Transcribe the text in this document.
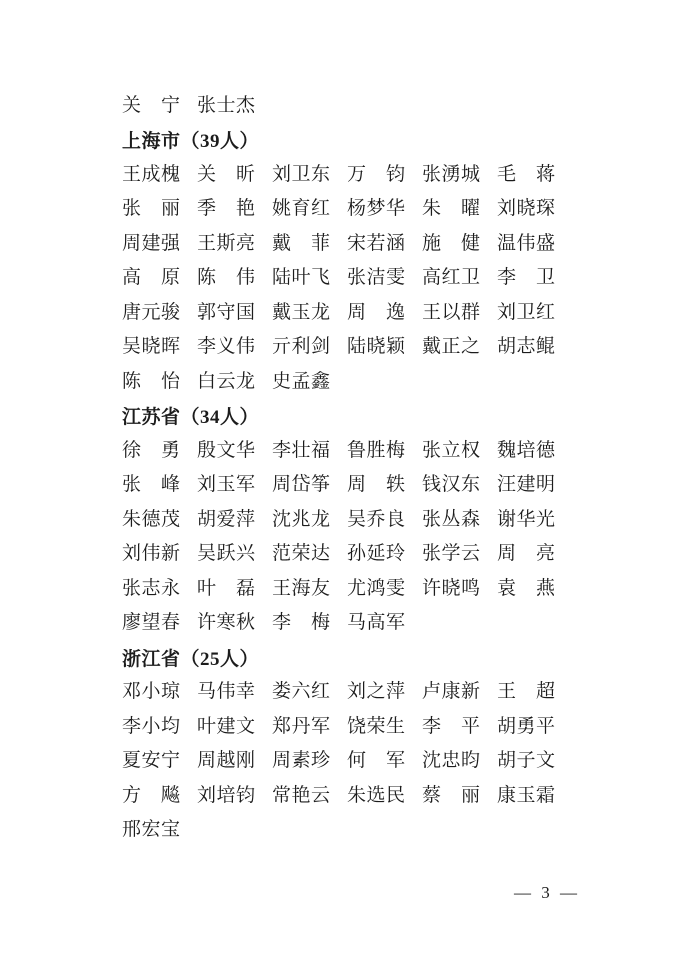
关 宁 张 士 杰
上海市（39人）
王 成 槐 关 昕 刘 卫 东 万 钧 张 湧 城 毛 蒋
张 丽 季 艳 姚 育 红 杨 梦 华 朱 曜 刘 晓 琛
周 建 强 王 斯 亮 戴 菲 宋 若 涵 施 健 温 伟 盛
高 原 陈 伟 陆 叶 飞 张 洁 雯 高 红 卫 李 卫
唐 元 骏 郭 守 国 戴 玉 龙 周 逸 王 以 群 刘 卫 红
吴 晓 晖 李 义 伟 亓 利 剑 陆 晓 颖 戴 正 之 胡 志 鲲
陈 怡 白 云 龙 史 孟 鑫
江苏省（34人）
徐 勇 殷 文 华 李 壮 福 鲁 胜 梅 张 立 权 魏 培 德
张 峰 刘 玉 军 周 岱 筝 周 轶 钱 汉 东 汪 建 明
朱 德 茂 胡 爱 萍 沈 兆 龙 吴 乔 良 张 丛 森 谢 华 光
刘 伟 新 吴 跃 兴 范 荣 达 孙 延 玲 张 学 云 周 亮
张 志 永 叶 磊 王 海 友 尤 鸿 雯 许 晓 鸣 袁 燕
廖 望 春 许 寒 秋 李 梅 马 高 军
浙江省（25人）
邓 小 琼 马 伟 幸 娄 六 红 刘 之 萍 卢 康 新 王 超
李 小 均 叶 建 文 郑 丹 军 饶 荣 生 李 平 胡 勇 平
夏 安 宁 周 越 刚 周 素 珍 何 军 沈 忠 昀 胡 子 文
方 飚 刘 培 钧 常 艳 云 朱 选 民 蔡 丽 康 玉 霜
邢 宏 宝
— 3 —
